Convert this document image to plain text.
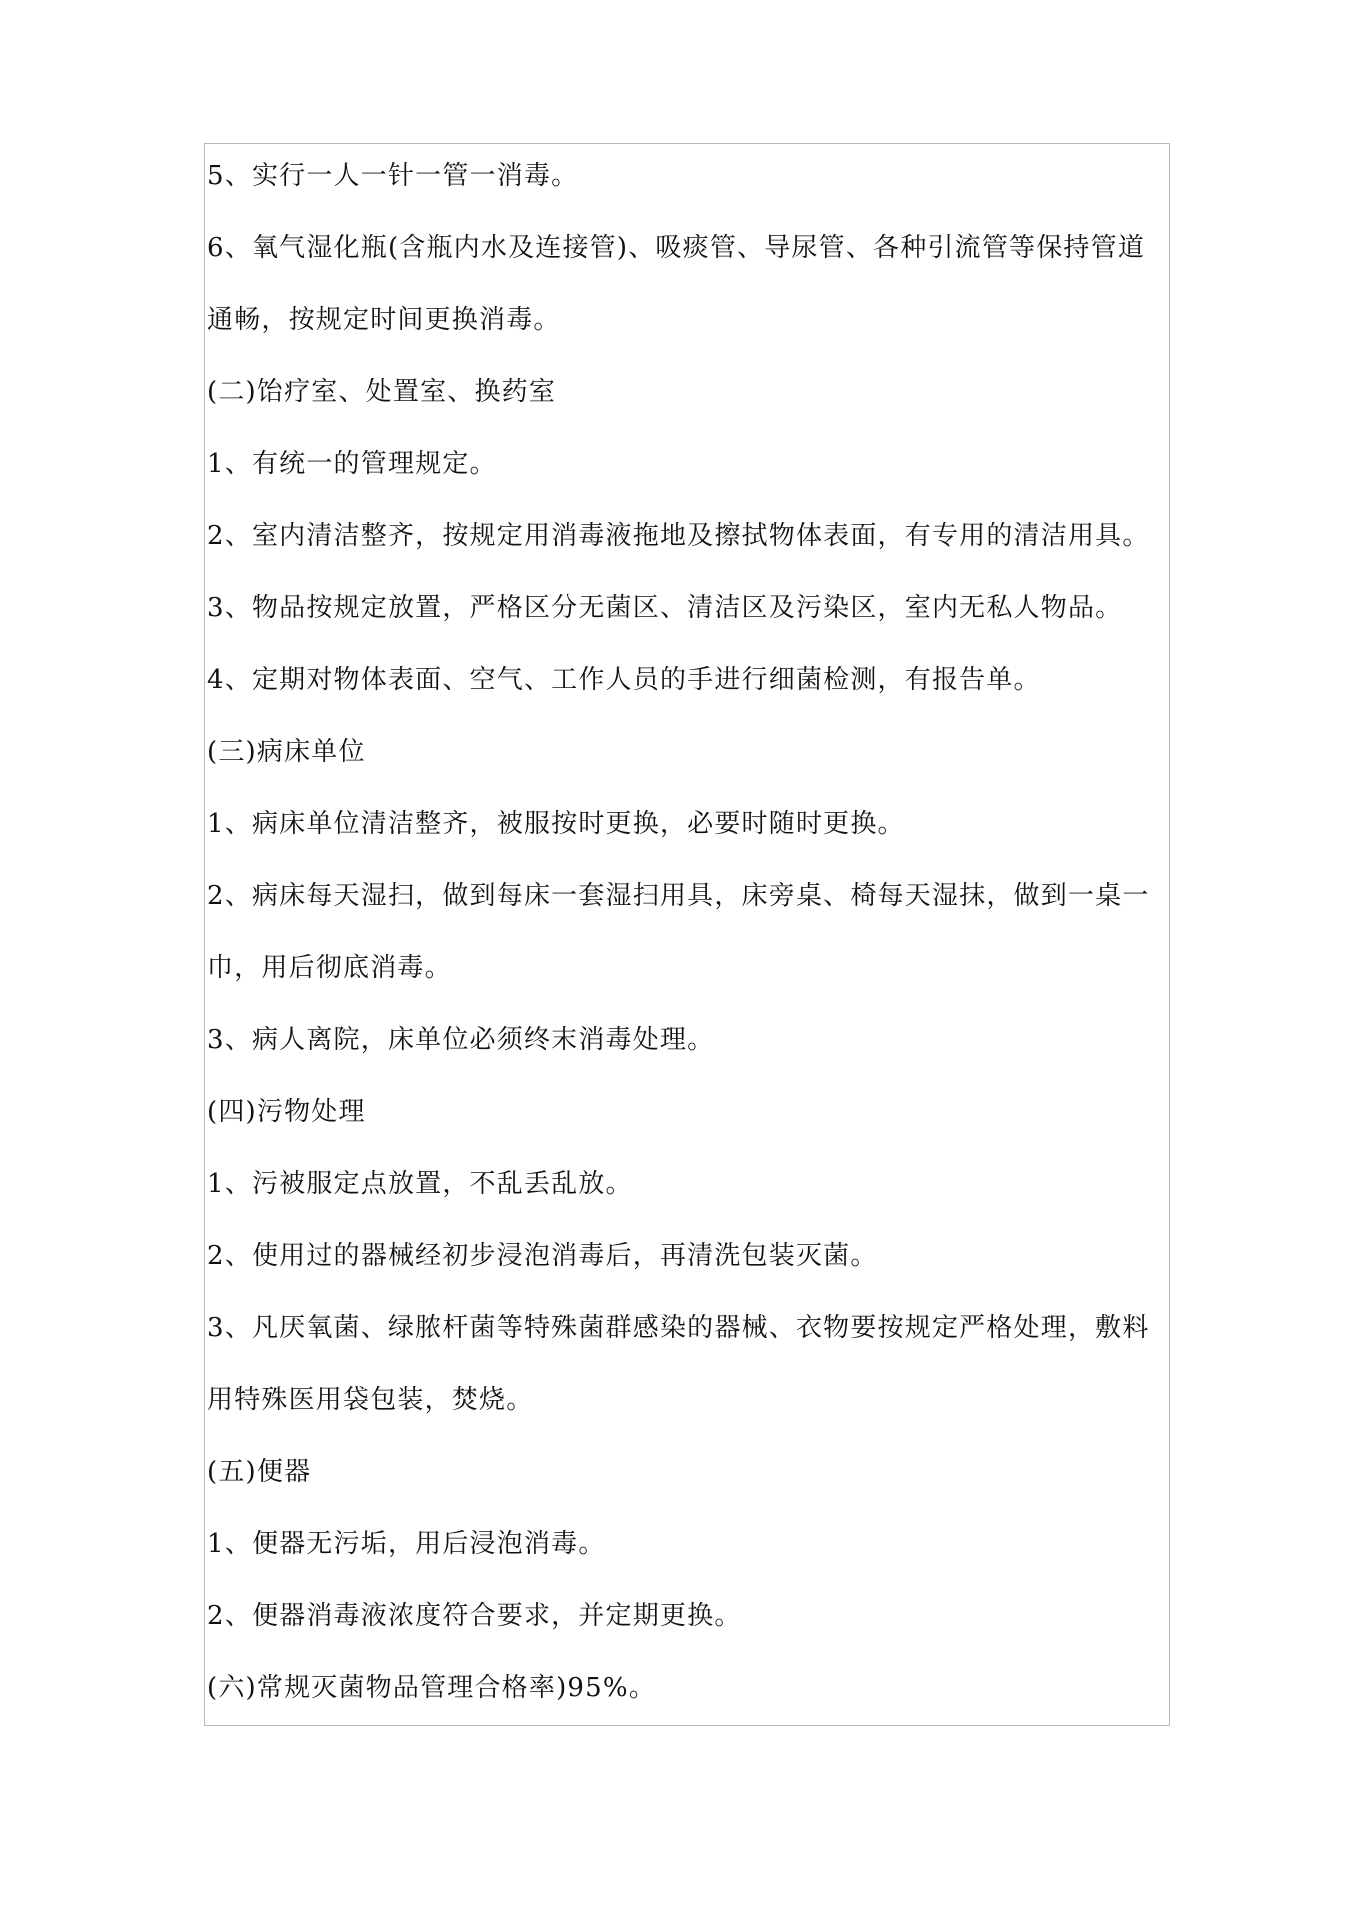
5、实行一人一针一管一消毒。
6、氧气湿化瓶(含瓶内水及连接管)、吸痰管、导尿管、各种引流管等保持管道
通畅，按规定时间更换消毒。
(二)饴疗室、处置室、换药室
1、有统一的管理规定。
2、室内清洁整齐，按规定用消毒液拖地及擦拭物体表面，有专用的清洁用具。
3、物品按规定放置，严格区分无菌区、清洁区及污染区，室内无私人物品。
4、定期对物体表面、空气、工作人员的手进行细菌检测，有报告单。
(三)病床单位
1、病床单位清洁整齐，被服按时更换，必要时随时更换。
2、病床每天湿扫，做到每床一套湿扫用具，床旁桌、椅每天湿抹，做到一桌一
巾，用后彻底消毒。
3、病人离院，床单位必须终末消毒处理。
(四)污物处理
1、污被服定点放置，不乱丢乱放。
2、使用过的器械经初步浸泡消毒后，再清洗包装灭菌。
3、凡厌氧菌、绿脓杆菌等特殊菌群感染的器械、衣物要按规定严格处理，敷料
用特殊医用袋包装，焚烧。
(五)便器
1、便器无污垢，用后浸泡消毒。
2、便器消毒液浓度符合要求，并定期更换。
(六)常规灭菌物品管理合格率)95%。
